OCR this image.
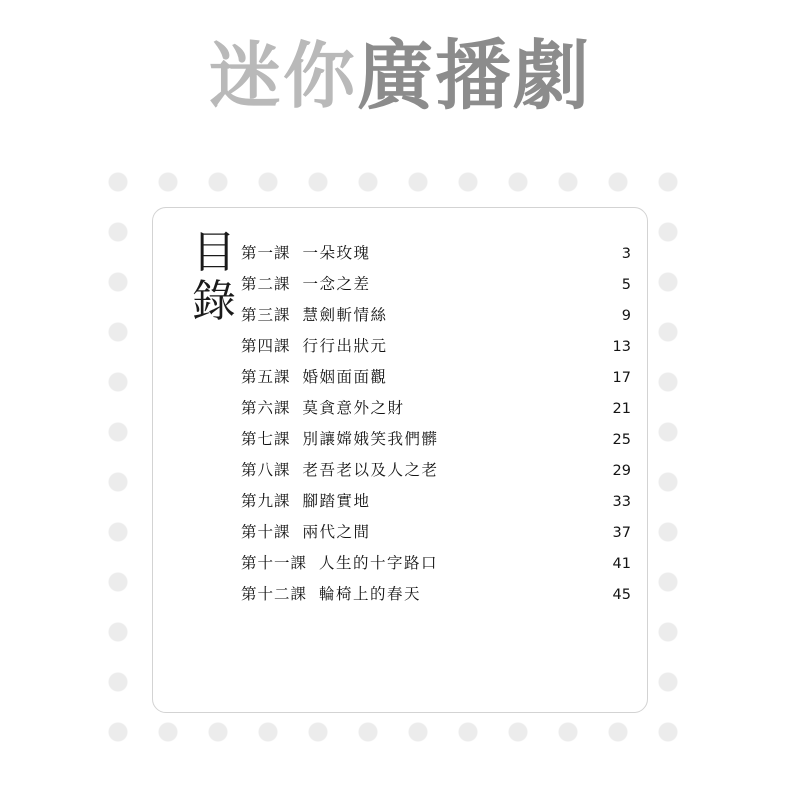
迷你廣播劇
目
錄
第一課 一朵玫瑰	3
第二課 一念之差	5
第三課 慧劍斬情絲	9
第四課 行行出狀元	13
第五課 婚姻面面觀	17
第六課 莫貪意外之財	21
第七課 別讓嫦娥笑我們髒	25
第八課 老吾老以及人之老	29
第九課 腳踏實地	33
第十課 兩代之間	37
第十一課 人生的十字路口	41
第十二課 輪椅上的春天	45
